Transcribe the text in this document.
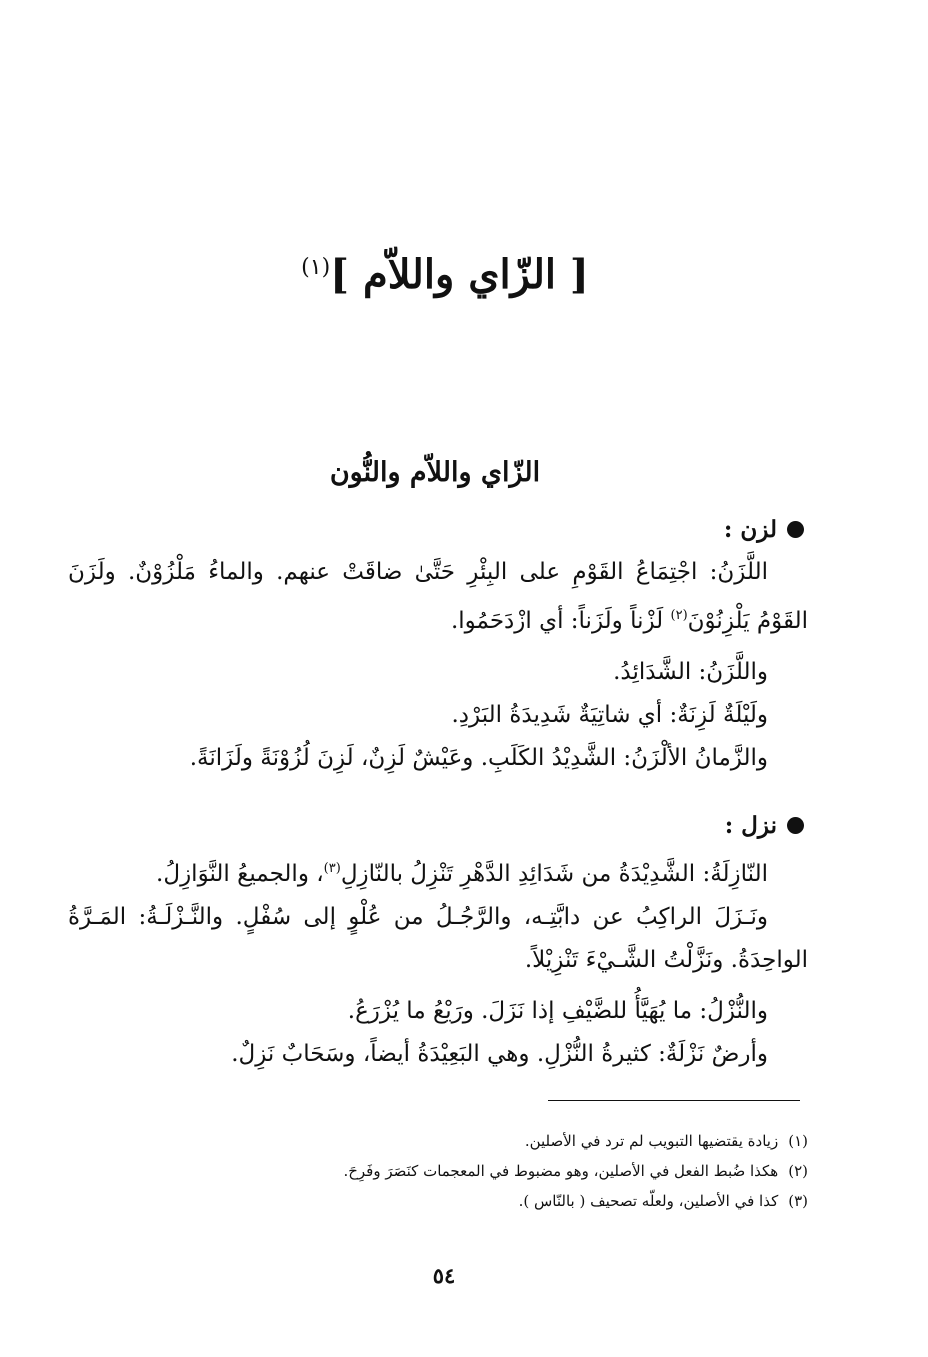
[ الزّاي واللاّم ]$^{(١)}$
الزّاي واللاّم والنُّون
لزن :

اللَّزَنُ: اجْتِمَاعُ القَوْمِ على البِئْرِ حَتَّىٰ ضاقَتْ عنهم. والماءُ مَلْزُوْنٌ. ولَزَنَ القَوْمُ يَلْزِنُوْنَ$^{(٢)}$ لَزْناً ولَزَناً: أي ازْدَحَمُوا.

واللَّزَنُ: الشَّدَائِدُ.

ولَيْلَةٌ لَزِنَةٌ: أي شاتِيَةٌ شَدِيدَةُ البَرْدِ.

والزَّمانُ الألْزَنُ: الشَّدِيْدُ الكَلَبِ. وعَيْشٌ لَزِنٌ، لَزِنَ لُزُوْنَةً ولَزَانَةً.

نزل :

النّازِلَةُ: الشَّدِيْدَةُ من شَدَائِدِ الدَّهْرِ تَنْزِلُ بالنّازِلِ$^{(٣)}$، والجميعُ النَّوَازِلُ.

ونَـزَلَ الراكِبُ عن دابَّتِـه، والرَّجُـلُ من عُلْوٍ إلى سُفْلٍ. والنَّـزْلَـةُ: المَـرَّةُ الواحِدَةُ. ونَزَّلْتُ الشَّـيْءَ تَنْزِيْلاً.

والنُّزْلُ: ما يُهَيَّأُ للضَّيْفِ إذا نَزَلَ. ورَيْعُ ما يُزْرَعُ.

وأرضٌ نَزْلَةٌ: كثيرةُ النُّزْلِ. وهي البَعِيْدَةُ أيضاً، وسَحَابٌ نَزِلٌ.

(١)زيادة يقتضيها التبويب لم ترد في الأصلين.
(٢)هكذا ضُبط الفعل في الأصلين، وهو مضبوط في المعجمات كنَصَرَ وفَرِحَ.
(٣)كذا في الأصلين، ولعلّه تصحيف ( بالنّاس ).
٥٤
